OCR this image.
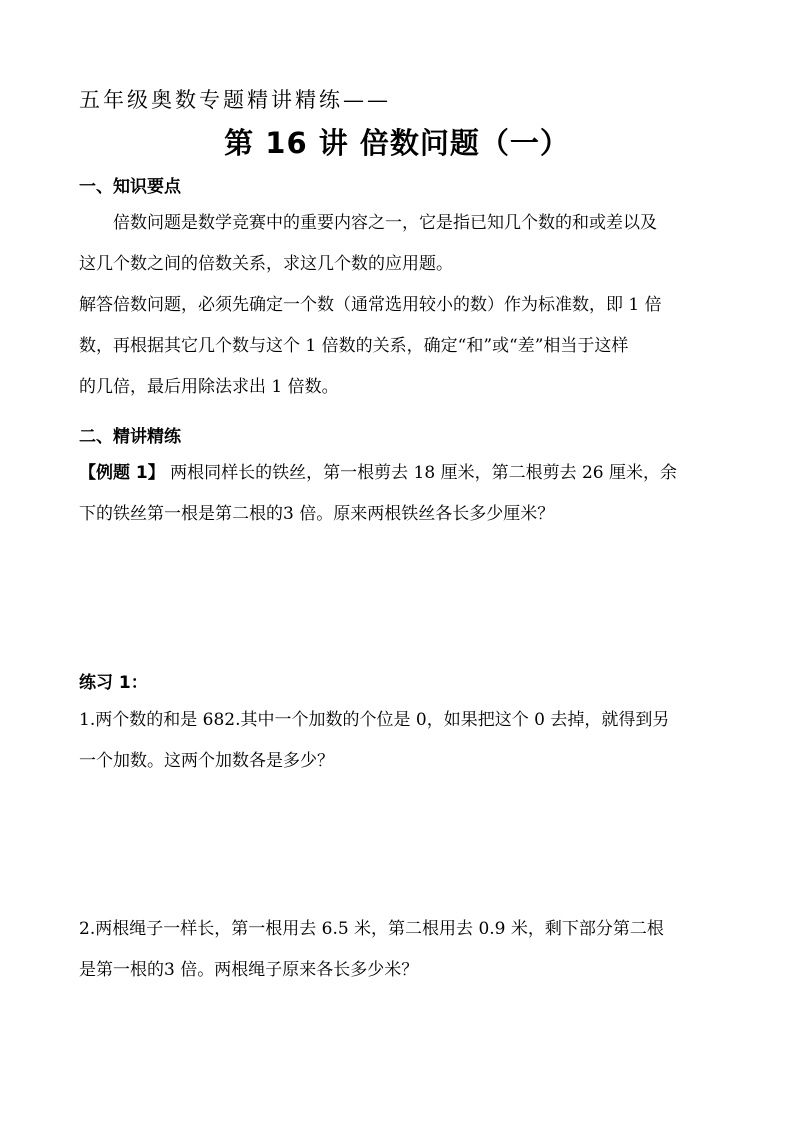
五年级奥数专题精讲精练——
第 16 讲 倍数问题（一）
一、知识要点
倍数问题是数学竞赛中的重要内容之一，它是指已知几个数的和或差以及
这几个数之间的倍数关系，求这几个数的应用题。
解答倍数问题，必须先确定一个数（通常选用较小的数）作为标准数，即 1 倍
数，再根据其它几个数与这个 1 倍数的关系，确定“和”或“差”相当于这样
的几倍，最后用除法求出 1 倍数。
二、精讲精练
【例题 1】 两根同样长的铁丝，第一根剪去 18 厘米，第二根剪去 26 厘米，余
下的铁丝第一根是第二根的3 倍。原来两根铁丝各长多少厘米？
练习 1：
1.两个数的和是 682.其中一个加数的个位是 0，如果把这个 0 去掉，就得到另
一个加数。这两个加数各是多少？
2.两根绳子一样长，第一根用去 6.5 米，第二根用去 0.9 米，剩下部分第二根
是第一根的3 倍。两根绳子原来各长多少米？
